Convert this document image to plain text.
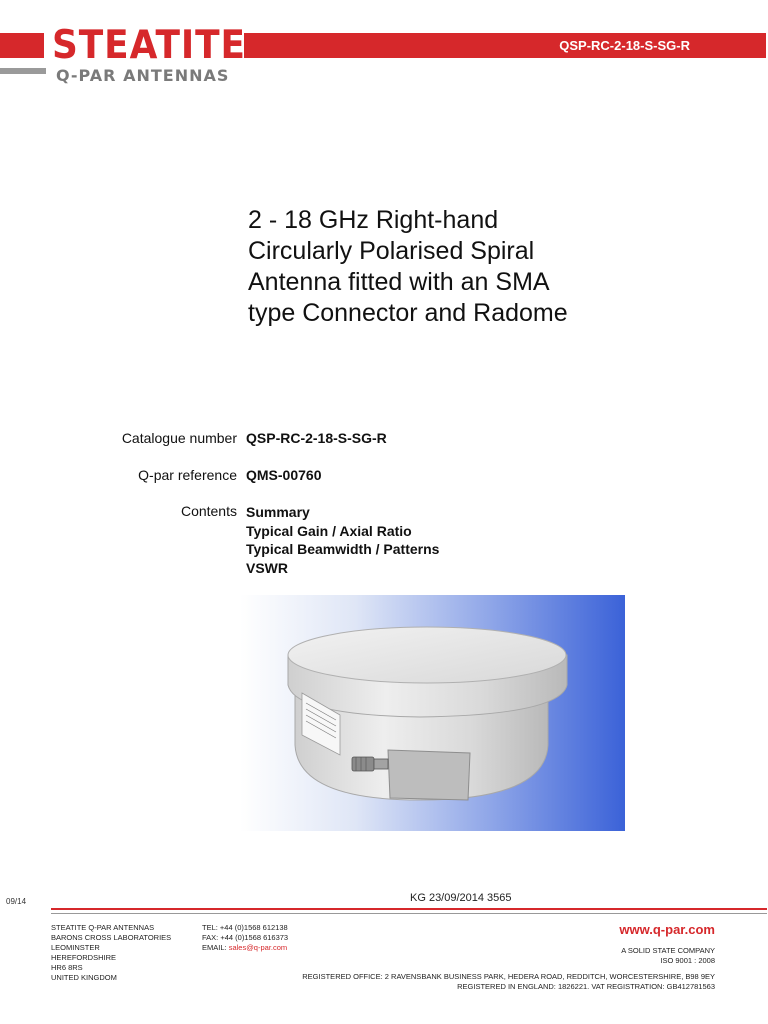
QSP-RC-2-18-S-SG-R
STEATITE
Q-PAR ANTENNAS
2 - 18 GHz Right-hand
Circularly Polarised Spiral
Antenna fitted with an SMA
type Connector and Radome
Catalogue number QSP-RC-2-18-S-SG-R
Q-par reference QMS-00760
Contents Summary
Typical Gain / Axial Ratio
Typical Beamwidth / Patterns
VSWR
09/14	KG 23/09/2014 3565
STEATITE Q-PAR ANTENNAS
BARONS CROSS LABORATORIES
LEOMINSTER
HEREFORDSHIRE
HR6 8RS
UNITED KINGDOM
TEL: +44 (0)1568 612138
FAX: +44 (0)1568 616373
EMAIL: sales@q-par.com
www.q-par.com
A SOLID STATE COMPANY
ISO 9001 : 2008
REGISTERED OFFICE: 2 RAVENSBANK BUSINESS PARK, HEDERA ROAD, REDDITCH, WORCESTERSHIRE, B98 9EY
REGISTERED IN ENGLAND: 1826221. VAT REGISTRATION: GB412781563
